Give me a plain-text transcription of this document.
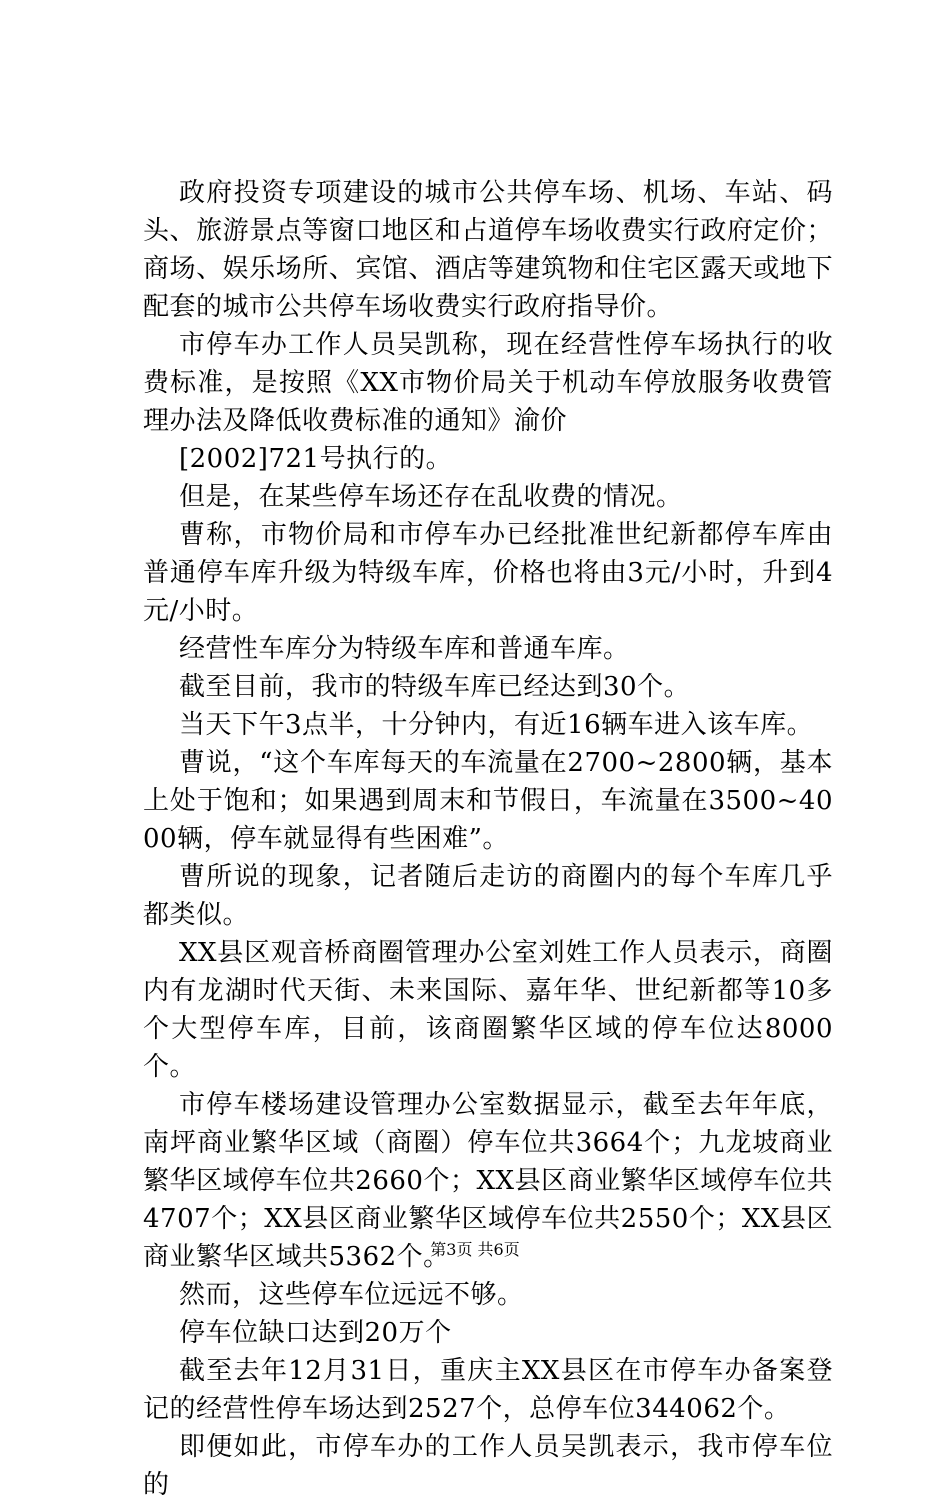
政府投资专项建设的城市公共停车场、机场、车站、码头、旅游景点等窗口地区和占道停车场收费实行政府定价；商场、娱乐场所、宾馆、酒店等建筑物和住宅区露天或地下配套的城市公共停车场收费实行政府指导价。

市停车办工作人员吴凯称，现在经营性停车场执行的收费标准，是按照《XX市物价局关于机动车停放服务收费管理办法及降低收费标准的通知》渝价

[2002]721号执行的。

但是，在某些停车场还存在乱收费的情况。

曹称，市物价局和市停车办已经批准世纪新都停车库由普通停车库升级为特级车库，价格也将由3元/小时，升到4元/小时。

经营性车库分为特级车库和普通车库。

截至目前，我市的特级车库已经达到30个。

当天下午3点半，十分钟内，有近16辆车进入该车库。

曹说，“这个车库每天的车流量在2700~2800辆，基本上处于饱和；如果遇到周末和节假日，车流量在3500~4000辆，停车就显得有些困难”。

曹所说的现象，记者随后走访的商圈内的每个车库几乎都类似。

XX县区观音桥商圈管理办公室刘姓工作人员表示，商圈内有龙湖时代天街、未来国际、嘉年华、世纪新都等10多个大型停车库，目前，该商圈繁华区域的停车位达8000个。

市停车楼场建设管理办公室数据显示，截至去年年底，南坪商业繁华区域（商圈）停车位共3664个；九龙坡商业繁华区域停车位共2660个；XX县区商业繁华区域停车位共4707个；XX县区商业繁华区域停车位共2550个；XX县区商业繁华区域共5362个。

然而，这些停车位远远不够。

停车位缺口达到20万个

截至去年12月31日，重庆主XX县区在市停车办备案登记的经营性停车场达到2527个，总停车位344062个。

即便如此，市停车办的工作人员吴凯表示，我市停车位的

第3页 共6页
